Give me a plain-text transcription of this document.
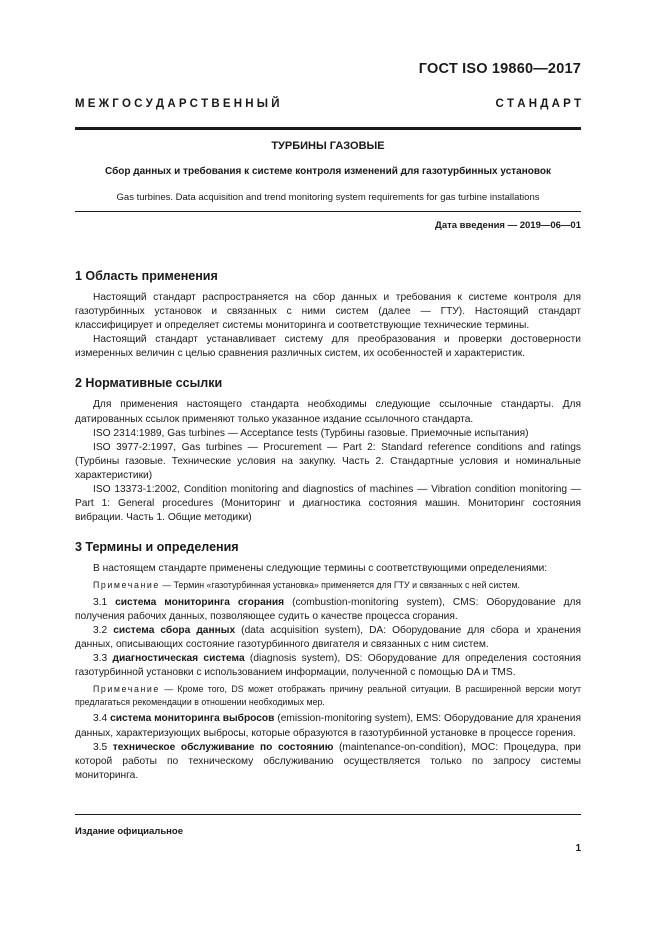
ГОСТ ISO 19860—2017
М Е Ж Г О С У Д А Р С Т В Е Н Н Ы Й	С Т А Н Д А Р Т
ТУРБИНЫ ГАЗОВЫЕ
Сбор данных и требования к системе контроля изменений для газотурбинных установок
Gas turbines. Data acquisition and trend monitoring system requirements for gas turbine installations
Дата введения — 2019—06—01
1 Область применения

Настоящий стандарт распространяется на сбор данных и требования к системе контроля для газотурбинных установок и связанных с ними систем (далее — ГТУ). Настоящий стандарт классифицирует и определяет системы мониторинга и соответствующие технические термины.

Настоящий стандарт устанавливает систему для преобразования и проверки достоверности измеренных величин с целью сравнения различных систем, их особенностей и характеристик.

2 Нормативные ссылки

Для применения настоящего стандарта необходимы следующие ссылочные стандарты. Для датированных ссылок применяют только указанное издание ссылочного стандарта.

ISO 2314:1989, Gas turbines — Acceptance tests (Турбины газовые. Приемочные испытания)

ISO 3977-2:1997, Gas turbines — Procurement — Part 2: Standard reference conditions and ratings (Турбины газовые. Технические условия на закупку. Часть 2. Стандартные условия и номинальные характеристики)

ISO 13373-1:2002, Condition monitoring and diagnostics of machines — Vibration condition monitoring — Part 1: General procedures (Мониторинг и диагностика состояния машин. Мониторинг состояния вибрации. Часть 1. Общие методики)

3 Термины и определения

В настоящем стандарте применены следующие термины с соответствующими определениями:

Примечание — Термин «газотурбинная установка» применяется для ГТУ и связанных с ней систем.

3.1 система мониторинга сгорания (combustion-monitoring system), CMS: Оборудование для получения рабочих данных, позволяющее судить о качестве процесса сгорания.

3.2 система сбора данных (data acquisition system), DA: Оборудование для сбора и хранения данных, описывающих состояние газотурбинного двигателя и связанных с ним систем.

3.3 диагностическая система (diagnosis system), DS: Оборудование для определения состояния газотурбинной установки с использованием информации, полученной с помощью DA и TMS.

Примечание — Кроме того, DS может отображать причину реальной ситуации. В расширенной версии могут предлагаться рекомендации в отношении необходимых мер.

3.4 система мониторинга выбросов (emission-monitoring system), EMS: Оборудование для хранения данных, характеризующих выбросы, которые образуются в газотурбинной установке в процессе горения.

3.5 техническое обслуживание по состоянию (maintenance-on-condition), MOC: Процедура, при которой работы по техническому обслуживанию осуществляется только по запросу системы мониторинга.

Издание официальное
1
